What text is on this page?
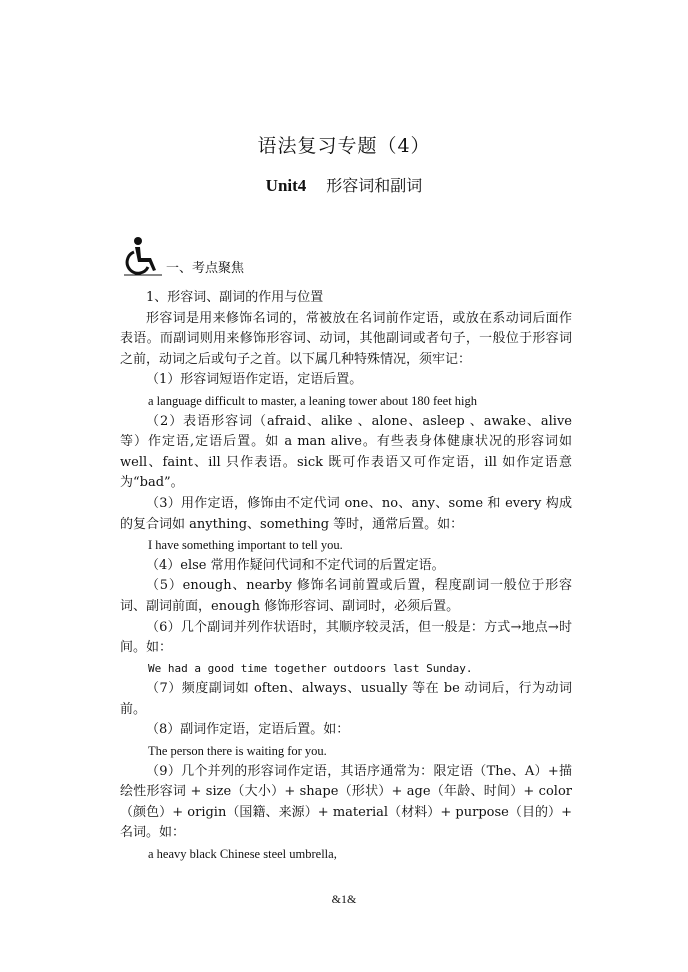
语法复习专题（4）
Unit4 形容词和副词
一、考点聚焦

1、形容词、副词的作用与位置

形容词是用来修饰名词的，常被放在名词前作定语，或放在系动词后面作表语。而副词则用来修饰形容词、动词，其他副词或者句子，一般位于形容词之前，动词之后或句子之首。以下属几种特殊情况，须牢记：

（1）形容词短语作定语，定语后置。

a language difficult to master, a leaning tower about 180 feet high

（2）表语形容词（afraid、alike 、alone、asleep 、awake、alive 等）作定语,定语后置。如 a man alive。有些表身体健康状况的形容词如 well、faint、ill 只作表语。sick 既可作表语又可作定语，ill 如作定语意为“bad”。

（3）用作定语，修饰由不定代词 one、no、any、some 和 every 构成的复合词如 anything、something 等时，通常后置。如：

I have something important to tell you.

（4）else 常用作疑问代词和不定代词的后置定语。

（5）enough、nearby 修饰名词前置或后置，程度副词一般位于形容词、副词前面，enough 修饰形容词、副词时，必须后置。

（6）几个副词并列作状语时，其顺序较灵活，但一般是：方式→地点→时间。如：

We had a good time together outdoors last Sunday.

（7）频度副词如 often、always、usually 等在 be 动词后，行为动词前。

（8）副词作定语，定语后置。如：

The person there is waiting for you.

（9）几个并列的形容词作定语，其语序通常为：限定语（The、A）+描绘性形容词 + size（大小）+ shape（形状）+ age（年龄、时间）+ color（颜色）+ origin（国籍、来源）+ material（材料）+ purpose（目的）+ 名词。如：

a heavy black Chinese steel umbrella,

&1&
